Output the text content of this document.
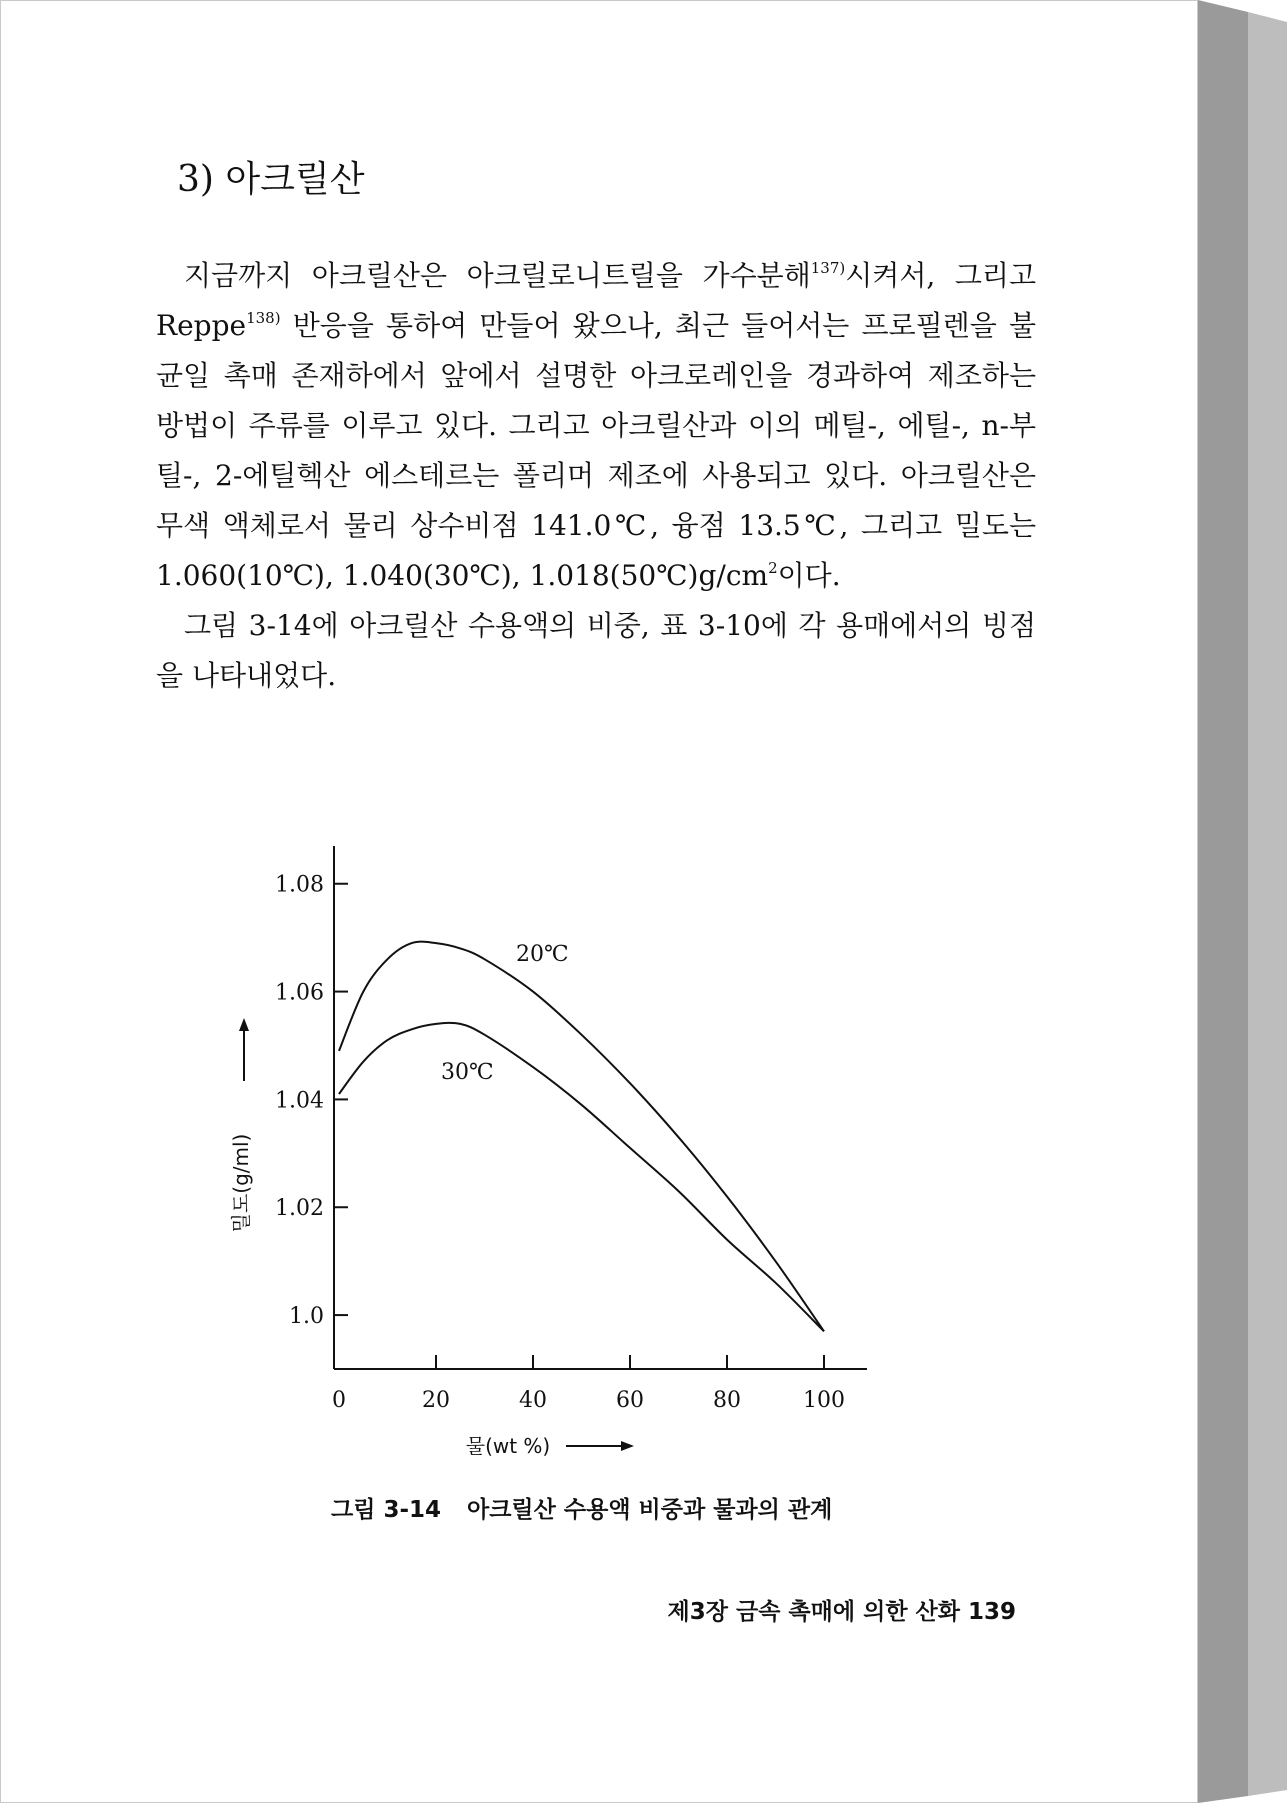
3) 아크릴산

지금까지 아크릴산은 아크릴로니트릴을 가수분해$^{137)}$시켜서, 그리고 Reppe$^{138)}$ 반응을 통하여 만들어 왔으나, 최근 들어서는 프로필렌을 불균일 촉매 존재하에서 앞에서 설명한 아크로레인을 경과하여 제조하는 방법이 주류를 이루고 있다. 그리고 아크릴산과 이의 메틸-, 에틸-, n-부틸-, 2-에틸헥산 에스테르는 폴리머 제조에 사용되고 있다. 아크릴산은 무색 액체로서 물리 상수비점 141.0℃, 융점 13.5℃, 그리고 밀도는 1.060(10℃), 1.040(30℃), $1.018(50℃)g/cm^2$이다.

그림 3-14에 아크릴산 수용액의 비중, 표 3-10에 각 용매에서의 빙점을 나타내었다.

1.0
1.02
1.04
1.06
1.08
0	20	40	60	80	100
20℃
30℃
밀도(g/ml)
물(wt %)
그림 3-14 아크릴산 수용액 비중과 물과의 관계
제3장 금속 촉매에 의한 산화 139
